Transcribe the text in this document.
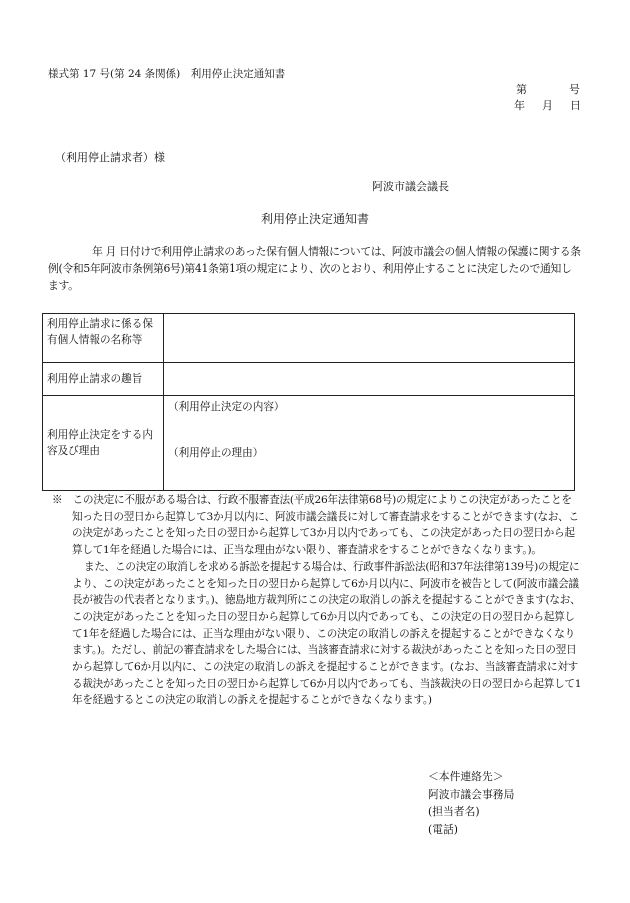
様式第 17 号(第 24 条関係)　利用停止決定通知書
第	号
年 月 日
（利用停止請求者）様
阿波市議会議長
利用停止決定通知書
年 月 日付けで利用停止請求のあった保有個人情報については、阿波市議会の個人情報の保護に関する条例(令和5年阿波市条例第6号)第41条第1項の規定により、次のとおり、利用停止することに決定したので通知します。
利用停止請求に係る保有個人情報の名称等	

利用停止請求の趣旨	

利用停止決定をする内容及び理由	（利用停止決定の内容）
（利用停止の理由）

※　この決定に不服がある場合は、行政不服審査法(平成26年法律第68号)の規定によりこの決定があったことを知った日の翌日から起算して3か月以内に、阿波市議会議長に対して審査請求をすることができます(なお、この決定があったことを知った日の翌日から起算して3か月以内であっても、この決定があった日の翌日から起算して1年を経過した場合には、正当な理由がない限り、審査請求をすることができなくなります。)。

また、この決定の取消しを求める訴訟を提起する場合は、行政事件訴訟法(昭和37年法律第139号)の規定により、この決定があったことを知った日の翌日から起算して6か月以内に、阿波市を被告として(阿波市議会議長が被告の代表者となります。)、徳島地方裁判所にこの決定の取消しの訴えを提起することができます(なお、この決定があったことを知った日の翌日から起算して6か月以内であっても、この決定の日の翌日から起算して1年を経過した場合には、正当な理由がない限り、この決定の取消しの訴えを提起することができなくなります。)。ただし、前記の審査請求をした場合には、当該審査請求に対する裁決があったことを知った日の翌日から起算して6か月以内に、この決定の取消しの訴えを提起することができます。(なお、当該審査請求に対する裁決があったことを知った日の翌日から起算して6か月以内であっても、当該裁決の日の翌日から起算して1年を経過するとこの決定の取消しの訴えを提起することができなくなります。)

＜本件連絡先＞
阿波市議会事務局
(担当者名)
(電話)
